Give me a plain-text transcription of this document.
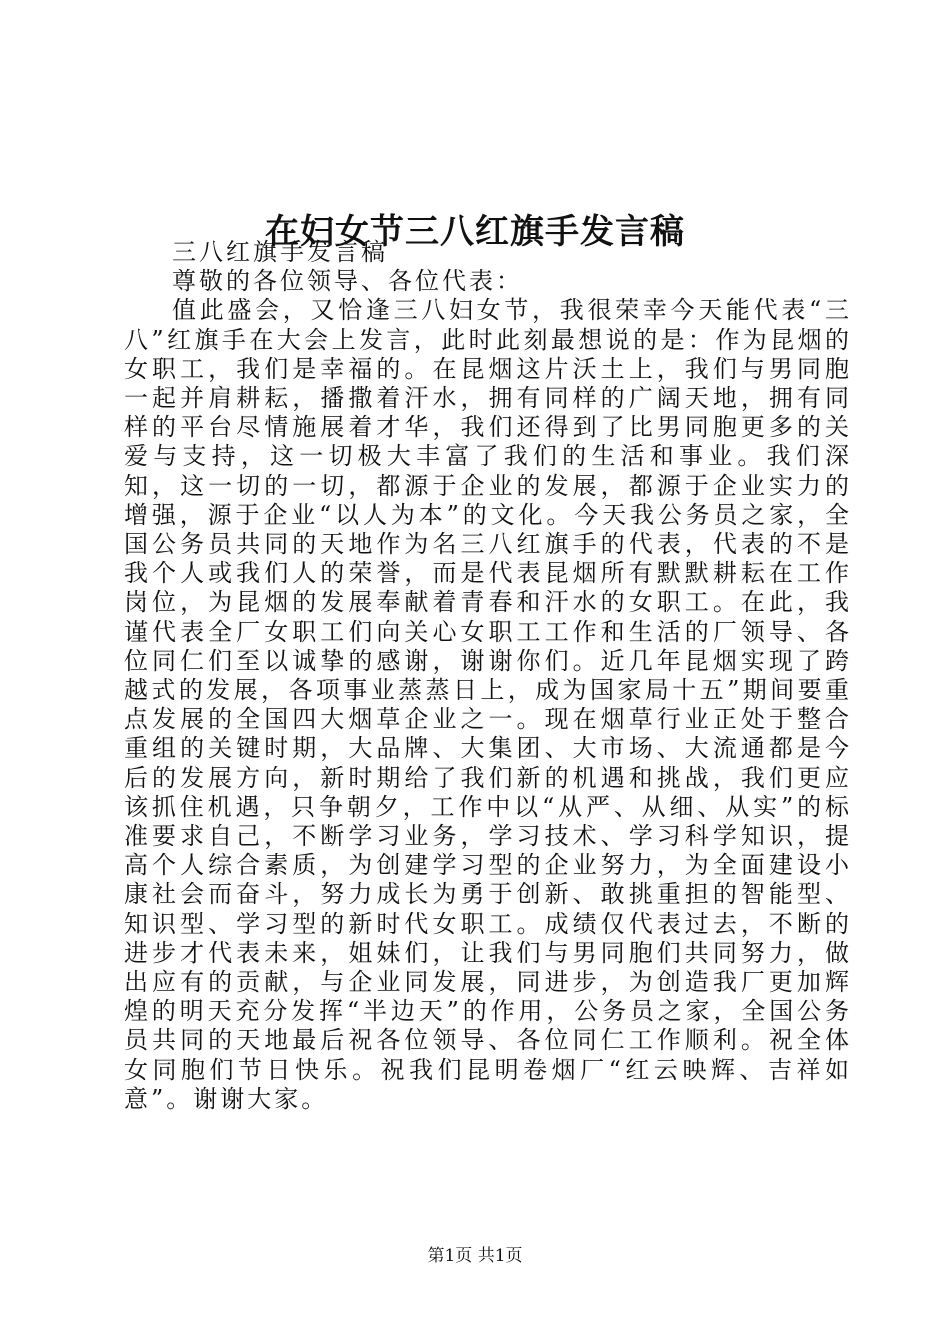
在妇女节三八红旗手发言稿

三八红旗手发言稿

尊敬的各位领导、各位代表：

值此盛会，又恰逢三八妇女节，我很荣幸今天能代表“三八”红旗手在大会上发言，此时此刻最想说的是：作为昆烟的女职工，我们是幸福的。在昆烟这片沃土上，我们与男同胞一起并肩耕耘，播撒着汗水，拥有同样的广阔天地，拥有同样的平台尽情施展着才华，我们还得到了比男同胞更多的关爱与支持，这一切极大丰富了我们的生活和事业。我们深知，这一切的一切，都源于企业的发展，都源于企业实力的增强，源于企业“以人为本”的文化。今天我公务员之家，全国公务员共同的天地作为名三八红旗手的代表，代表的不是我个人或我们人的荣誉，而是代表昆烟所有默默耕耘在工作岗位，为昆烟的发展奉献着青春和汗水的女职工。在此，我谨代表全厂女职工们向关心女职工工作和生活的厂领导、各位同仁们至以诚挚的感谢，谢谢你们。近几年昆烟实现了跨越式的发展，各项事业蒸蒸日上，成为国家局十五”期间要重点发展的全国四大烟草企业之一。现在烟草行业正处于整合重组的关键时期，大品牌、大集团、大市场、大流通都是今后的发展方向，新时期给了我们新的机遇和挑战，我们更应该抓住机遇，只争朝夕，工作中以“从严、从细、从实”的标准要求自己，不断学习业务，学习技术、学习科学知识，提高个人综合素质，为创建学习型的企业努力，为全面建设小康社会而奋斗，努力成长为勇于创新、敢挑重担的智能型、知识型、学习型的新时代女职工。成绩仅代表过去，不断的进步才代表未来，姐妹们，让我们与男同胞们共同努力，做出应有的贡献，与企业同发展，同进步，为创造我厂更加辉煌的明天充分发挥“半边天”的作用，公务员之家，全国公务员共同的天地最后祝各位领导、各位同仁工作顺利。祝全体女同胞们节日快乐。祝我们昆明卷烟厂“红云映辉、吉祥如意”。谢谢大家。

第1页 共1页
